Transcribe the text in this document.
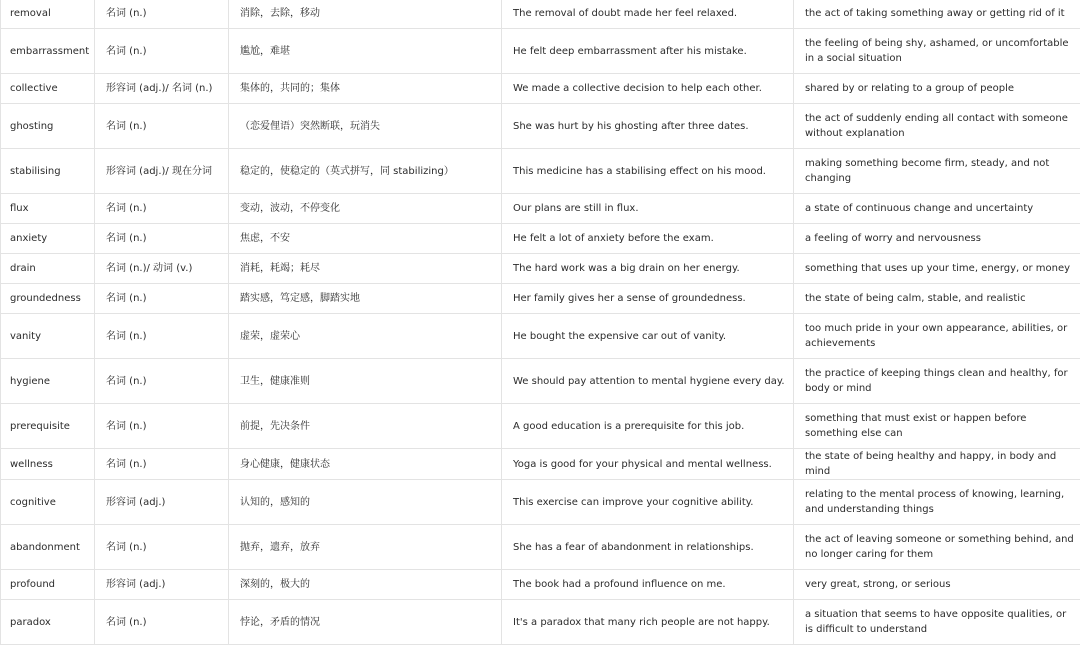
removal	名词 (n.)	消除，去除，移动	The removal of doubt made her feel relaxed.	the act of taking something away or getting rid of it
embarrassment	名词 (n.)	尴尬，难堪	He felt deep embarrassment after his mistake.	the feeling of being shy, ashamed, or uncomfortable in a social situation
collective	形容词 (adj.)/ 名词 (n.)	集体的，共同的；集体	We made a collective decision to help each other.	shared by or relating to a group of people
ghosting	名词 (n.)	（恋爱俚语）突然断联，玩消失	She was hurt by his ghosting after three dates.	the act of suddenly ending all contact with someone without explanation
stabilising	形容词 (adj.)/ 现在分词	稳定的，使稳定的（英式拼写，同 stabilizing）	This medicine has a stabilising effect on his mood.	making something become firm, steady, and not changing
flux	名词 (n.)	变动，波动，不停变化	Our plans are still in flux.	a state of continuous change and uncertainty
anxiety	名词 (n.)	焦虑，不安	He felt a lot of anxiety before the exam.	a feeling of worry and nervousness
drain	名词 (n.)/ 动词 (v.)	消耗，耗竭；耗尽	The hard work was a big drain on her energy.	something that uses up your time, energy, or money
groundedness	名词 (n.)	踏实感，笃定感，脚踏实地	Her family gives her a sense of groundedness.	the state of being calm, stable, and realistic
vanity	名词 (n.)	虚荣，虚荣心	He bought the expensive car out of vanity.	too much pride in your own appearance, abilities, or achievements
hygiene	名词 (n.)	卫生，健康准则	We should pay attention to mental hygiene every day.	the practice of keeping things clean and healthy, for body or mind
prerequisite	名词 (n.)	前提，先决条件	A good education is a prerequisite for this job.	something that must exist or happen before something else can
wellness	名词 (n.)	身心健康，健康状态	Yoga is good for your physical and mental wellness.	the state of being healthy and happy, in body and mind
cognitive	形容词 (adj.)	认知的，感知的	This exercise can improve your cognitive ability.	relating to the mental process of knowing, learning, and understanding things
abandonment	名词 (n.)	抛弃，遗弃，放弃	She has a fear of abandonment in relationships.	the act of leaving someone or something behind, and no longer caring for them
profound	形容词 (adj.)	深刻的，极大的	The book had a profound influence on me.	very great, strong, or serious
paradox	名词 (n.)	悖论，矛盾的情况	It's a paradox that many rich people are not happy.	a situation that seems to have opposite qualities, or is difficult to understand
